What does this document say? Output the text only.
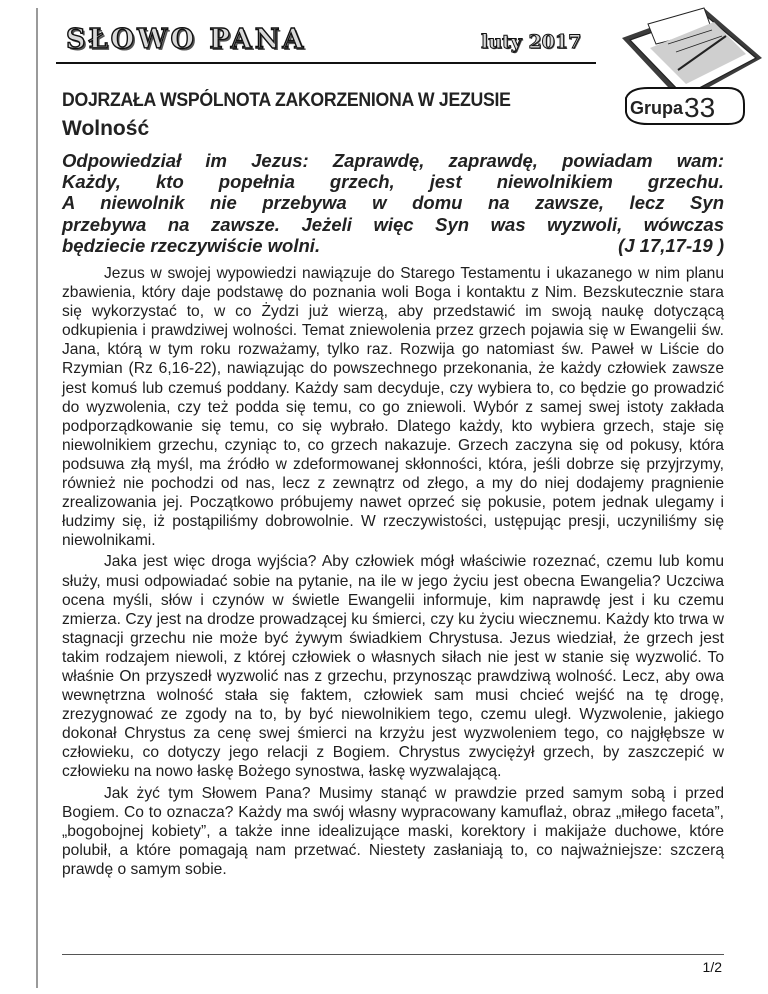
SŁOWO PANA	luty 2017
Grupa 33
DOJRZAŁA WSPÓLNOTA ZAKORZENIONA W JEZUSIE
Wolność
Odpowiedział im Jezus: Zaprawdę, zaprawdę, powiadam wam:
Każdy, kto popełnia grzech, jest niewolnikiem grzechu.
A niewolnik nie przebywa w domu na zawsze, lecz Syn
przebywa na zawsze. Jeżeli więc Syn was wyzwoli, wówczas
będziecie rzeczywiście wolni.	(J 17,17-19 )

Jezus w swojej wypowiedzi nawiązuje do Starego Testamentu i ukazanego w nim planu zbawienia, który daje podstawę do poznania woli Boga i kontaktu z Nim. Bezskutecznie stara się wykorzystać to, w co Żydzi już wierzą, aby przedstawić im swoją naukę dotyczącą odkupienia i prawdziwej wolności. Temat zniewolenia przez grzech pojawia się w Ewangelii św. Jana, którą w tym roku rozważamy, tylko raz. Rozwija go natomiast św. Paweł w Liście do Rzymian (Rz 6,16-22), nawiązując do powszechnego przekonania, że każdy człowiek zawsze jest komuś lub czemuś poddany. Każdy sam decyduje, czy wybiera to, co będzie go prowadzić do wyzwolenia, czy też podda się temu, co go zniewoli. Wybór z samej swej istoty zakłada podporządkowanie się temu, co się wybrało. Dlatego każdy, kto wybiera grzech, staje się niewolnikiem grzechu, czyniąc to, co grzech nakazuje. Grzech zaczyna się od pokusy, która podsuwa złą myśl, ma źródło w zdeformowanej skłonności, która, jeśli dobrze się przyjrzymy, również nie pochodzi od nas, lecz z zewnątrz od złego, a my do niej dodajemy pragnienie zrealizowania jej. Początkowo próbujemy nawet oprzeć się pokusie, potem jednak ulegamy i łudzimy się, iż postąpiliśmy dobrowolnie. W rzeczywistości, ustępując presji, uczyniliśmy się niewolnikami.

Jaka jest więc droga wyjścia? Aby człowiek mógł właściwie rozeznać, czemu lub komu służy, musi odpowiadać sobie na pytanie, na ile w jego życiu jest obecna Ewangelia? Uczciwa ocena myśli, słów i czynów w świetle Ewangelii informuje, kim naprawdę jest i ku czemu zmierza. Czy jest na drodze prowadzącej ku śmierci, czy ku życiu wiecznemu. Każdy kto trwa w stagnacji grzechu nie może być żywym świadkiem Chrystusa. Jezus wiedział, że grzech jest takim rodzajem niewoli, z której człowiek o własnych siłach nie jest w stanie się wyzwolić. To właśnie On przyszedł wyzwolić nas z grzechu, przynosząc prawdziwą wolność. Lecz, aby owa wewnętrzna wolność stała się faktem, człowiek sam musi chcieć wejść na tę drogę, zrezygnować ze zgody na to, by być niewolnikiem tego, czemu uległ. Wyzwolenie, jakiego dokonał Chrystus za cenę swej śmierci na krzyżu jest wyzwoleniem tego, co najgłębsze w człowieku, co dotyczy jego relacji z Bogiem. Chrystus zwyciężył grzech, by zaszczepić w człowieku na nowo łaskę Bożego synostwa, łaskę wyzwalającą.

Jak żyć tym Słowem Pana? Musimy stanąć w prawdzie przed samym sobą i przed Bogiem. Co to oznacza? Każdy ma swój własny wypracowany kamuflaż, obraz „miłego faceta”, „bogobojnej kobiety”, a także inne idealizujące maski, korektory i makijaże duchowe, które polubił, a które pomagają nam przetwać. Niestety zasłaniają to, co najważniejsze: szczerą prawdę o samym sobie.

1/2
